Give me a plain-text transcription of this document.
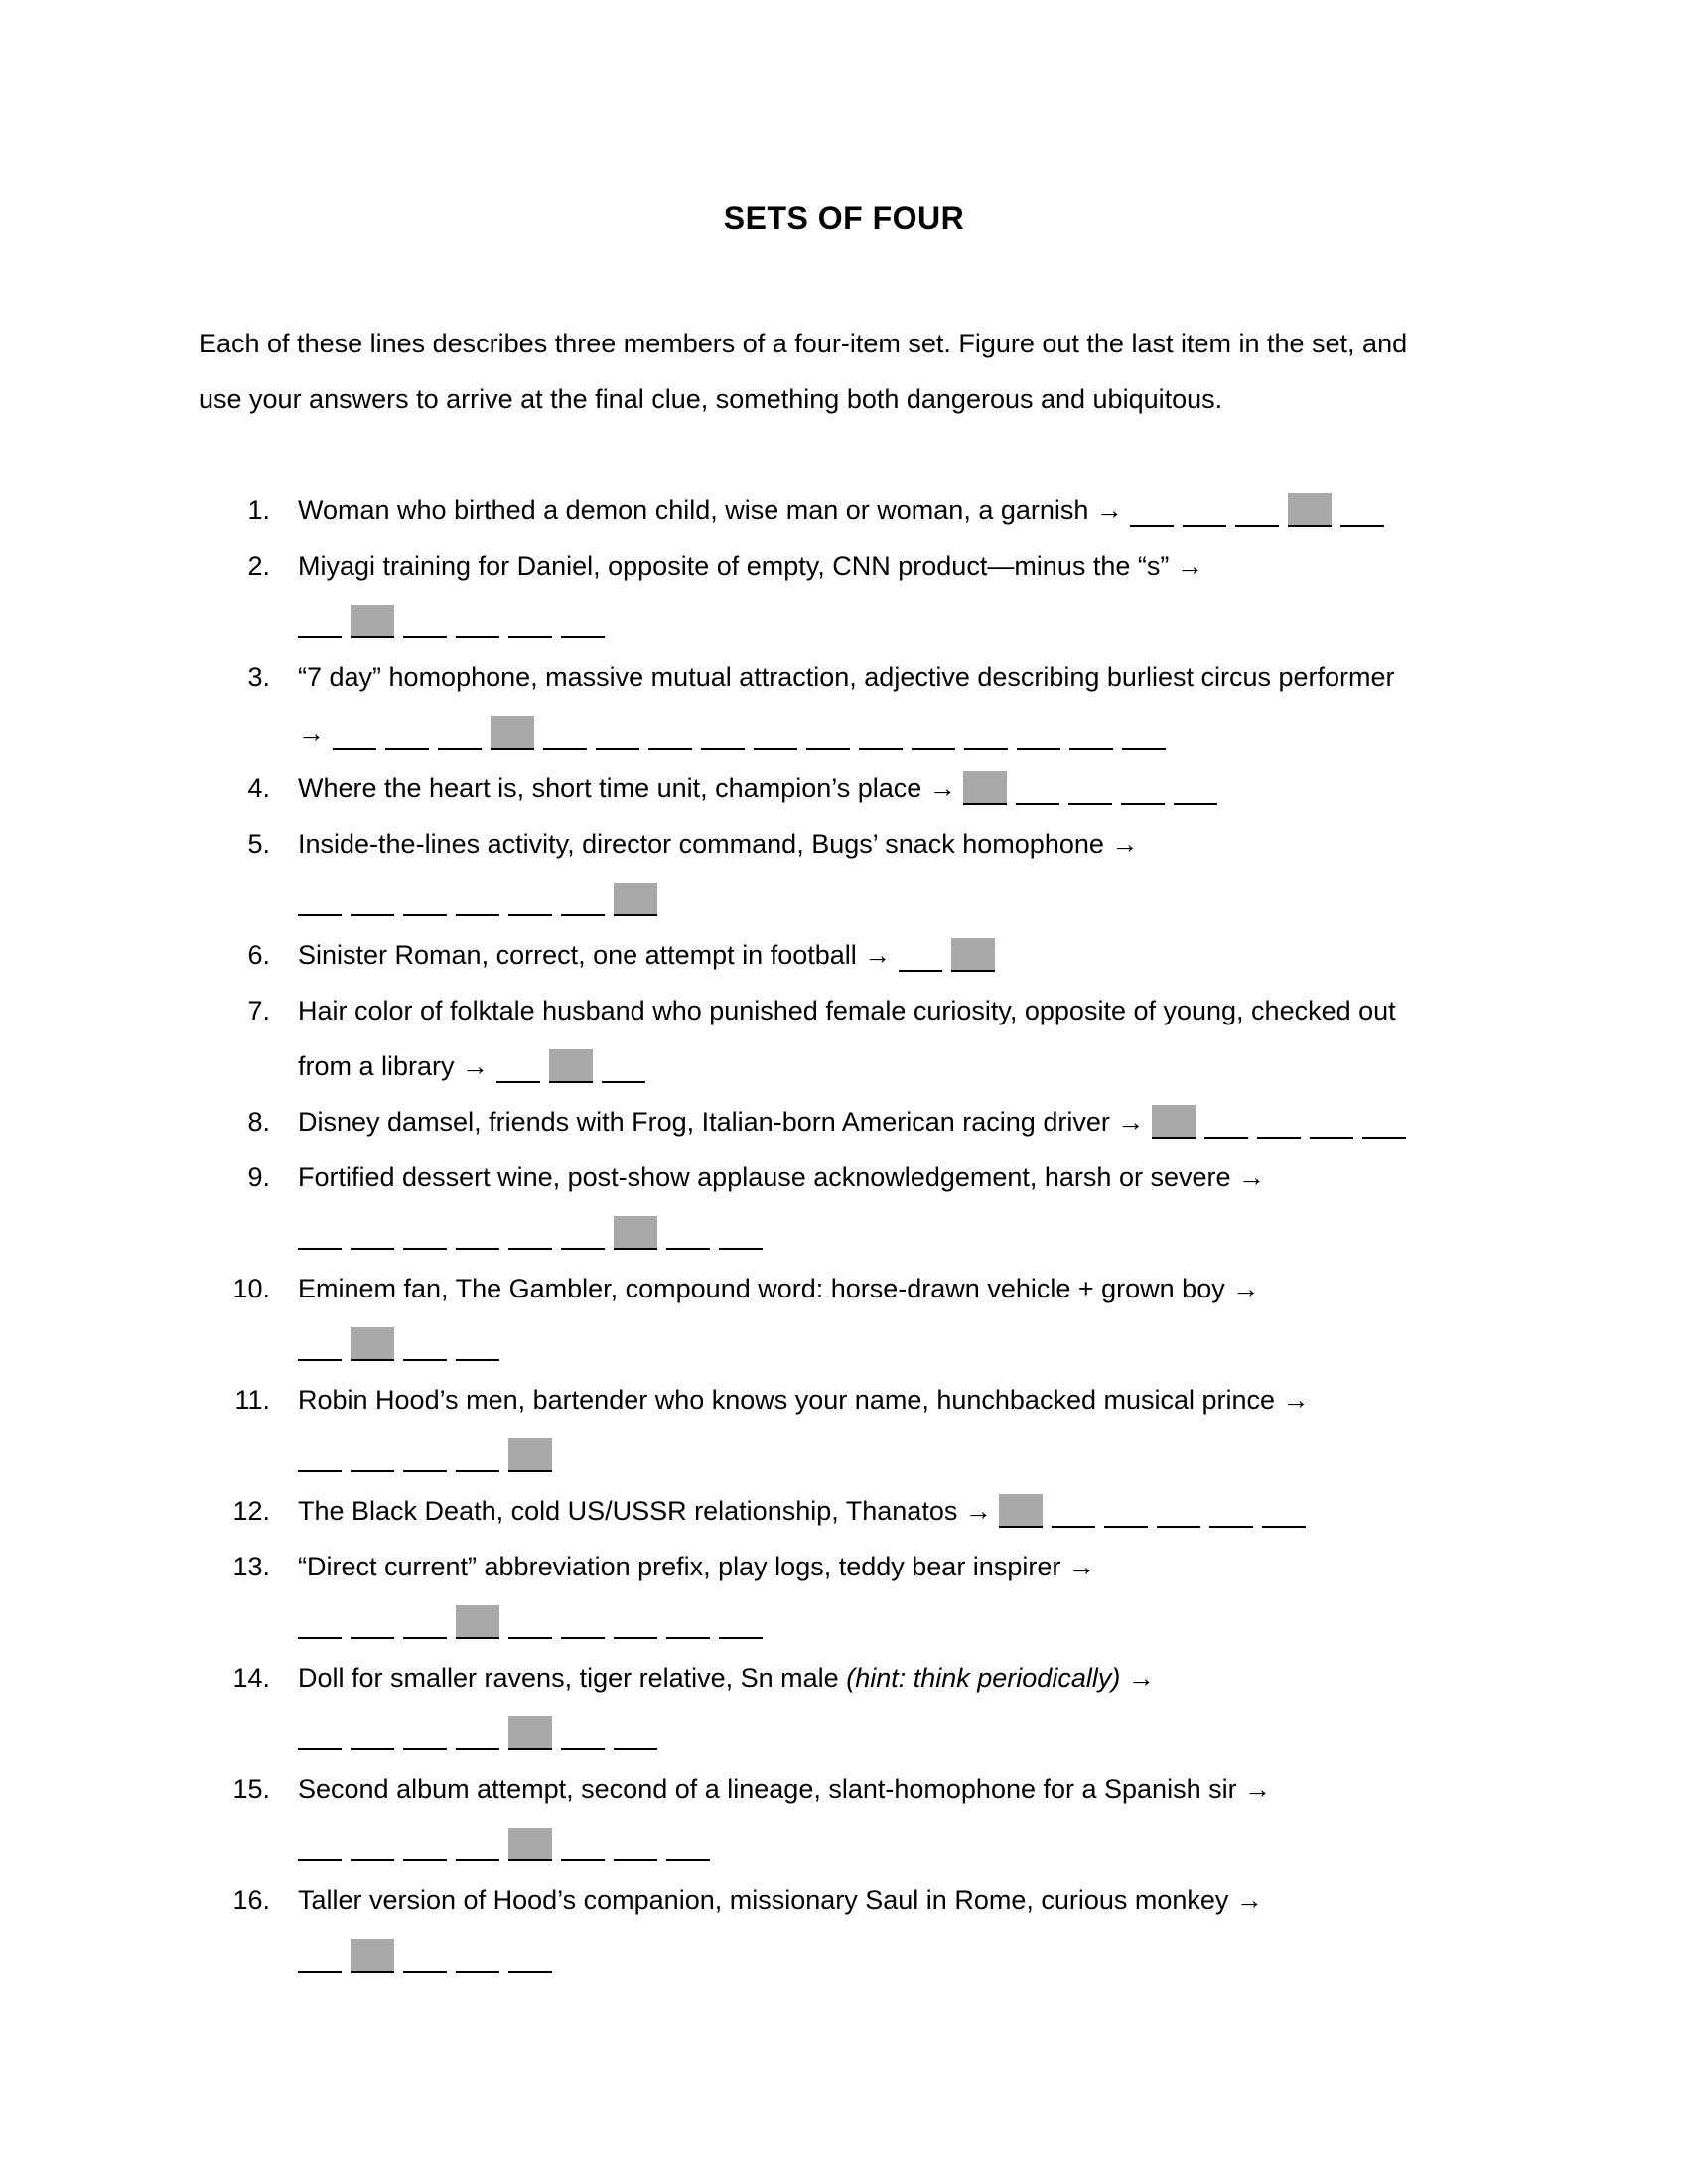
SETS OF FOUR

Each of these lines describes three members of a four-item set. Figure out the last item in the set, and

use your answers to arrive at the final clue, something both dangerous and ubiquitous.

1. Woman who birthed a demon child, wise man or woman, a garnish →
2. Miyagi training for Daniel, opposite of empty, CNN product—minus the “s” →
3. “7 day” homophone, massive mutual attraction, adjective describing burliest circus performer
→
4. Where the heart is, short time unit, champion’s place →
5. Inside-the-lines activity, director command, Bugs’ snack homophone →
6. Sinister Roman, correct, one attempt in football →
7. Hair color of folktale husband who punished female curiosity, opposite of young, checked out
from a library →
8. Disney damsel, friends with Frog, Italian-born American racing driver →
9. Fortified dessert wine, post-show applause acknowledgement, harsh or severe →
10. Eminem fan, The Gambler, compound word: horse-drawn vehicle + grown boy →
11. Robin Hood’s men, bartender who knows your name, hunchbacked musical prince →
12. The Black Death, cold US/USSR relationship, Thanatos →
13. “Direct current” abbreviation prefix, play logs, teddy bear inspirer →
14. Doll for smaller ravens, tiger relative, Sn male (hint: think periodically) →
15. Second album attempt, second of a lineage, slant-homophone for a Spanish sir →
16. Taller version of Hood’s companion, missionary Saul in Rome, curious monkey →
